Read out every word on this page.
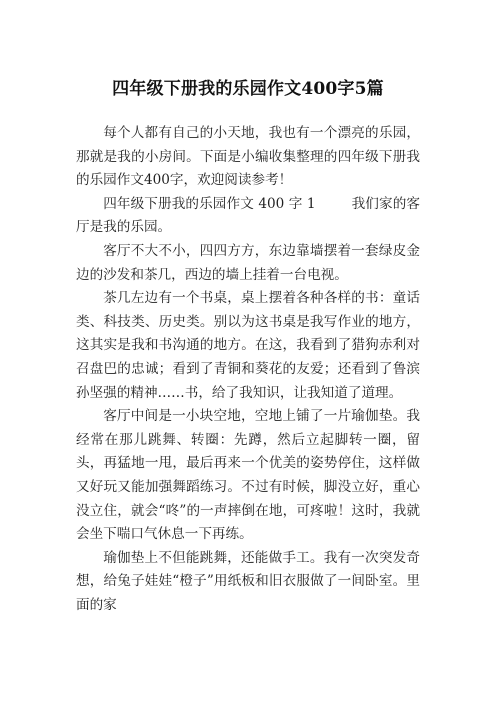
四年级下册我的乐园作文400字5篇

每个人都有自己的小天地，我也有一个漂亮的乐园，那就是我的小房间。下面是小编收集整理的四年级下册我的乐园作文400字，欢迎阅读参考！

四年级下册我的乐园作文 400 字 1	我们家的客厅是我的乐园。

客厅不大不小，四四方方，东边靠墙摆着一套绿皮金边的沙发和茶几，西边的墙上挂着一台电视。

茶几左边有一个书桌，桌上摆着各种各样的书：童话类、科技类、历史类。别以为这书桌是我写作业的地方，这其实是我和书沟通的地方。在这，我看到了猎狗赤利对召盘巴的忠诚；看到了青铜和葵花的友爱；还看到了鲁滨孙坚强的精神……书，给了我知识，让我知道了道理。

客厅中间是一小块空地，空地上铺了一片瑜伽垫。我经常在那儿跳舞、转圈：先蹲，然后立起脚转一圈，留头，再猛地一甩，最后再来一个优美的姿势停住，这样做又好玩又能加强舞蹈练习。不过有时候，脚没立好，重心没立住，就会“咚”的一声摔倒在地，可疼啦！这时，我就会坐下喘口气休息一下再练。

瑜伽垫上不但能跳舞，还能做手工。我有一次突发奇想，给兔子娃娃“橙子”用纸板和旧衣服做了一间卧室。里面的家
